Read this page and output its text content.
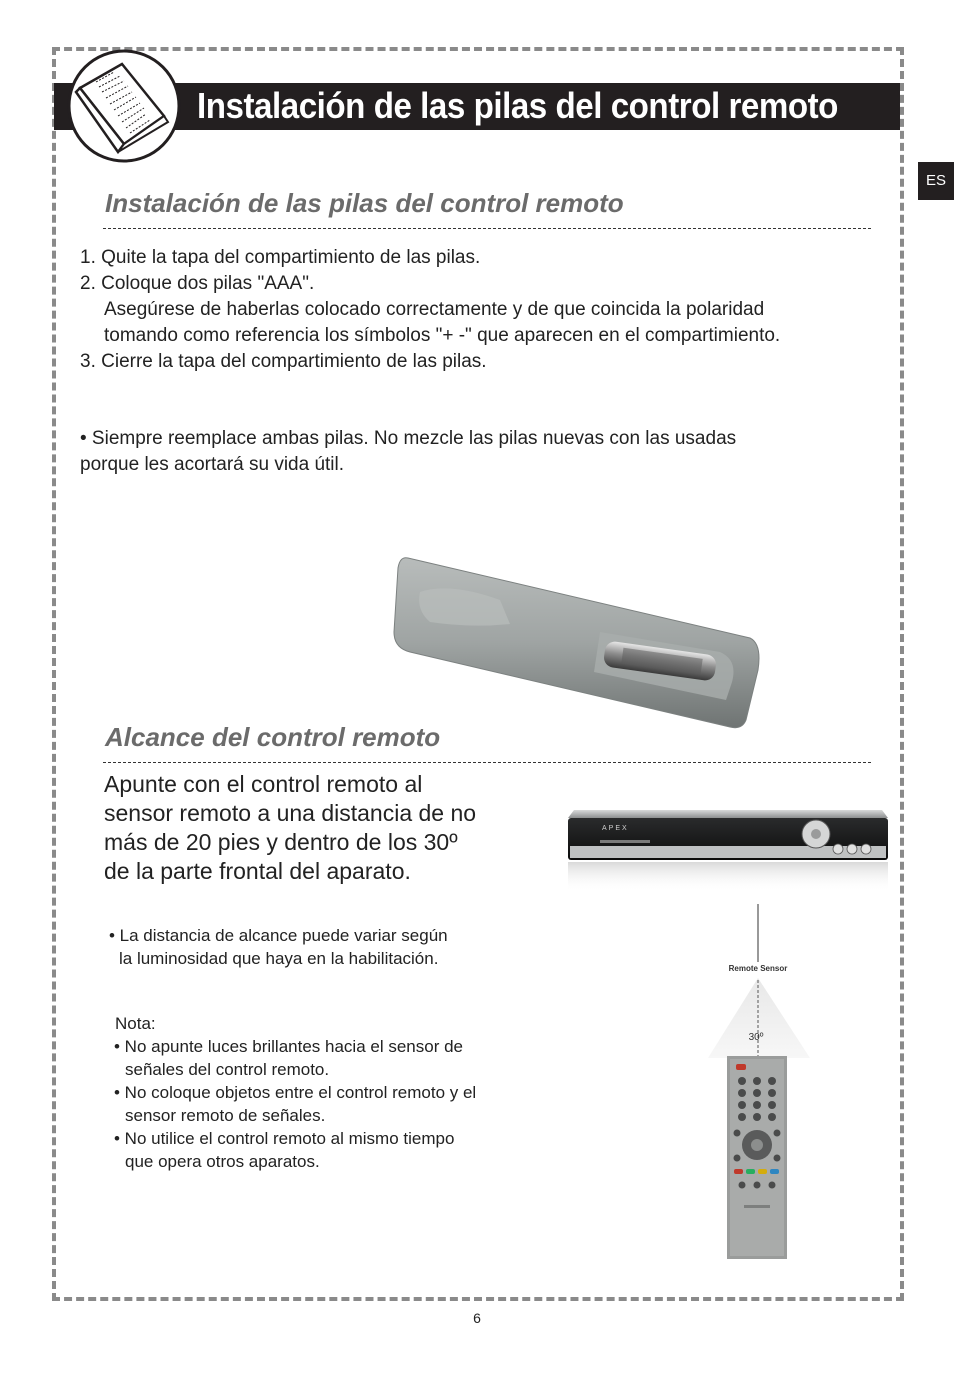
Instalación de las pilas del control remoto
ES
Instalación de las pilas del control remoto
1. Quite la tapa del compartimiento de las pilas.
2. Coloque dos pilas "AAA".
Asegúrese de haberlas colocado correctamente y de que coincida la polaridad
tomando como referencia los símbolos "+ -" que aparecen en el compartimiento.
3. Cierre la tapa del compartimiento de las pilas.
• Siempre reemplace ambas pilas. No mezcle las pilas nuevas con las usadas
porque les acortará su vida útil.
Alcance del control remoto
Apunte con el control remoto al
sensor remoto a una distancia de no
más de 20 pies y dentro de los 30º
de la parte frontal del aparato.
• La distancia de alcance puede variar según
la luminosidad que haya en la habilitación.
Nota:
• No apunte luces brillantes hacia el sensor de
señales del control remoto.
• No coloque objetos entre el control remoto y el
sensor remoto de señales.
• No utilice el control remoto al mismo tiempo
que opera otros aparatos.
APEX
Remote Sensor
30º
6
